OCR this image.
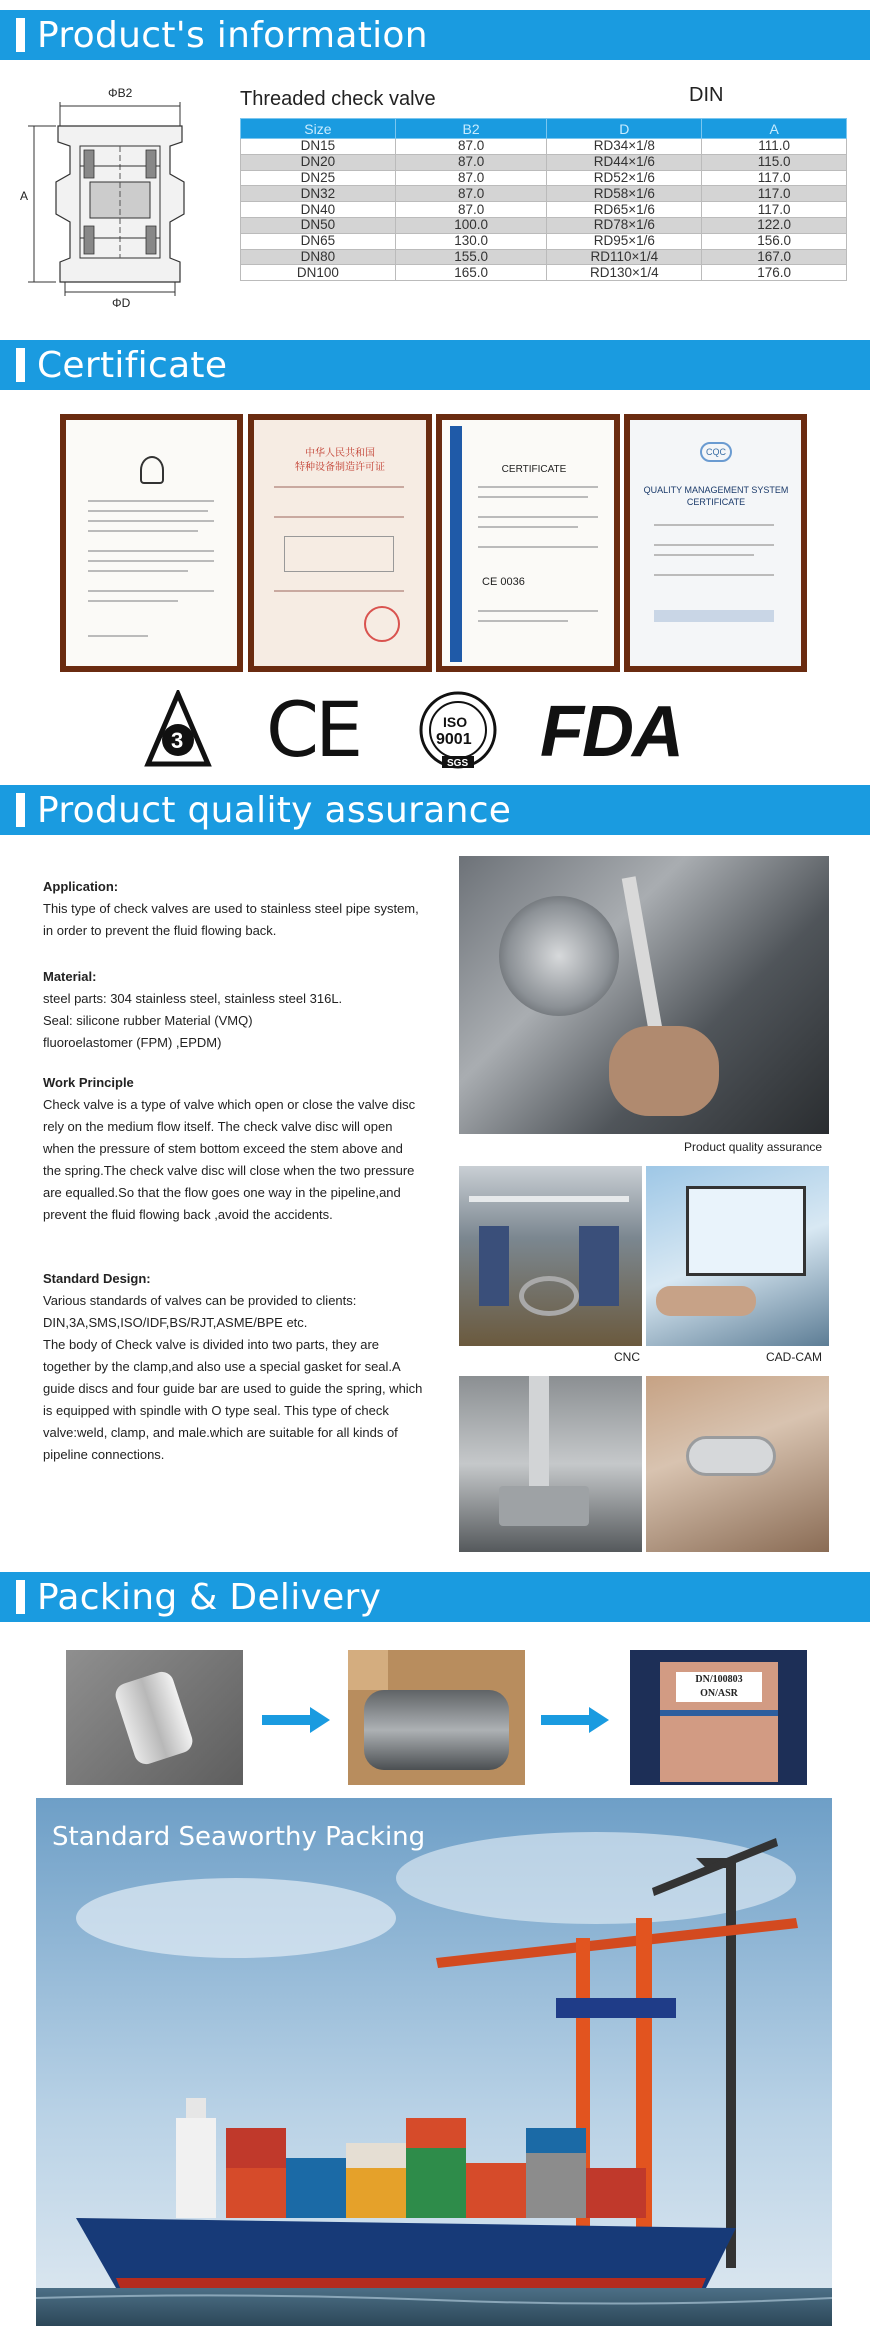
Product's information
ΦB2
ΦD
A
Threaded check valve	DIN
Size	B2	D	A
DN15	87.0	RD34×1/8	111.0
DN20	87.0	RD44×1/6	115.0
DN25	87.0	RD52×1/6	117.0
DN32	87.0	RD58×1/6	117.0
DN40	87.0	RD65×1/6	117.0
DN50	100.0	RD78×1/6	122.0
DN65	130.0	RD95×1/6	156.0
DN80	155.0	RD110×1/4	167.0
DN100	165.0	RD130×1/4	176.0
Certificate
中华人民共和国
特种设备制造许可证	CERTIFICATE
CE 0036
CQC
QUALITY MANAGEMENT SYSTEM CERTIFICATE
3 CE	ISO
9001
SGS FDA
Product quality assurance
Application:
This type of check valves are used to stainless steel pipe system, in order to prevent the fluid flowing back.
Material:
steel parts: 304 stainless steel, stainless steel 316L.
Seal: silicone rubber Material (VMQ)
fluoroelastomer (FPM) ,EPDM)
Work Principle
Check valve is a type of valve which open or close the valve disc rely on the medium flow itself. The check valve disc will open when the pressure of stem bottom exceed the stem above and the spring.The check valve disc will close when the two pressure are equalled.So that the flow goes one way in the pipeline,and prevent the fluid flowing back ,avoid the accidents.
Standard Design:
Various standards of valves can be provided to clients: DIN,3A,SMS,ISO/IDF,BS/RJT,ASME/BPE etc.
The body of Check valve is divided into two parts, they are together by the clamp,and also use a special gasket for seal.A guide discs and four guide bar are used to guide the spring, which is equipped with spindle with O type seal. This type of check valve:weld, clamp, and male.which are suitable for all kinds of pipeline connections.
Product quality assurance
CNC	CAD-CAM
Packing & Delivery
DN/100803
ON/ASR
Standard Seaworthy Packing
